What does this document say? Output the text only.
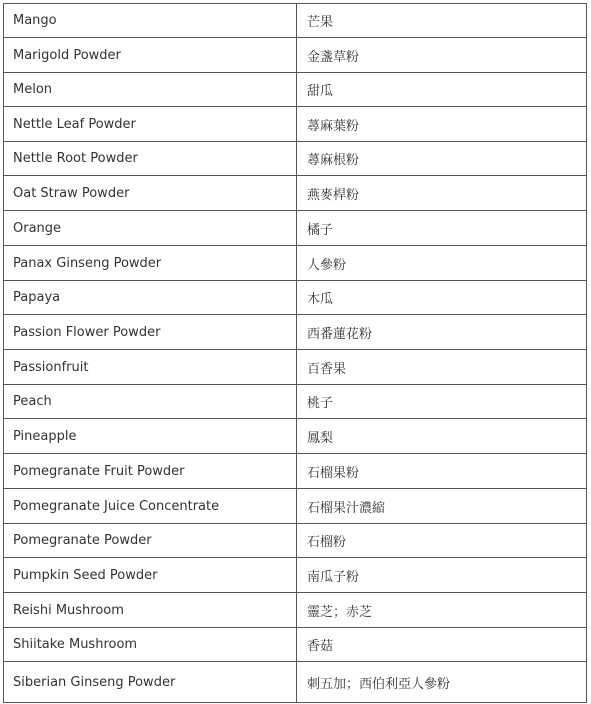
Mango	芒果
Marigold Powder	金盞草粉
Melon	甜瓜
Nettle Leaf Powder	蕁麻葉粉
Nettle Root Powder	蕁麻根粉
Oat Straw Powder	燕麥桿粉
Orange	橘子
Panax Ginseng Powder	人參粉
Papaya	木瓜
Passion Flower Powder	西番蓮花粉
Passionfruit	百香果
Peach	桃子
Pineapple	鳳梨
Pomegranate Fruit Powder	石榴果粉
Pomegranate Juice Concentrate	石榴果汁濃縮
Pomegranate Powder	石榴粉
Pumpkin Seed Powder	南瓜子粉
Reishi Mushroom	靈芝；赤芝
Shiitake Mushroom	香菇
Siberian Ginseng Powder	刺五加；西伯利亞人參粉
